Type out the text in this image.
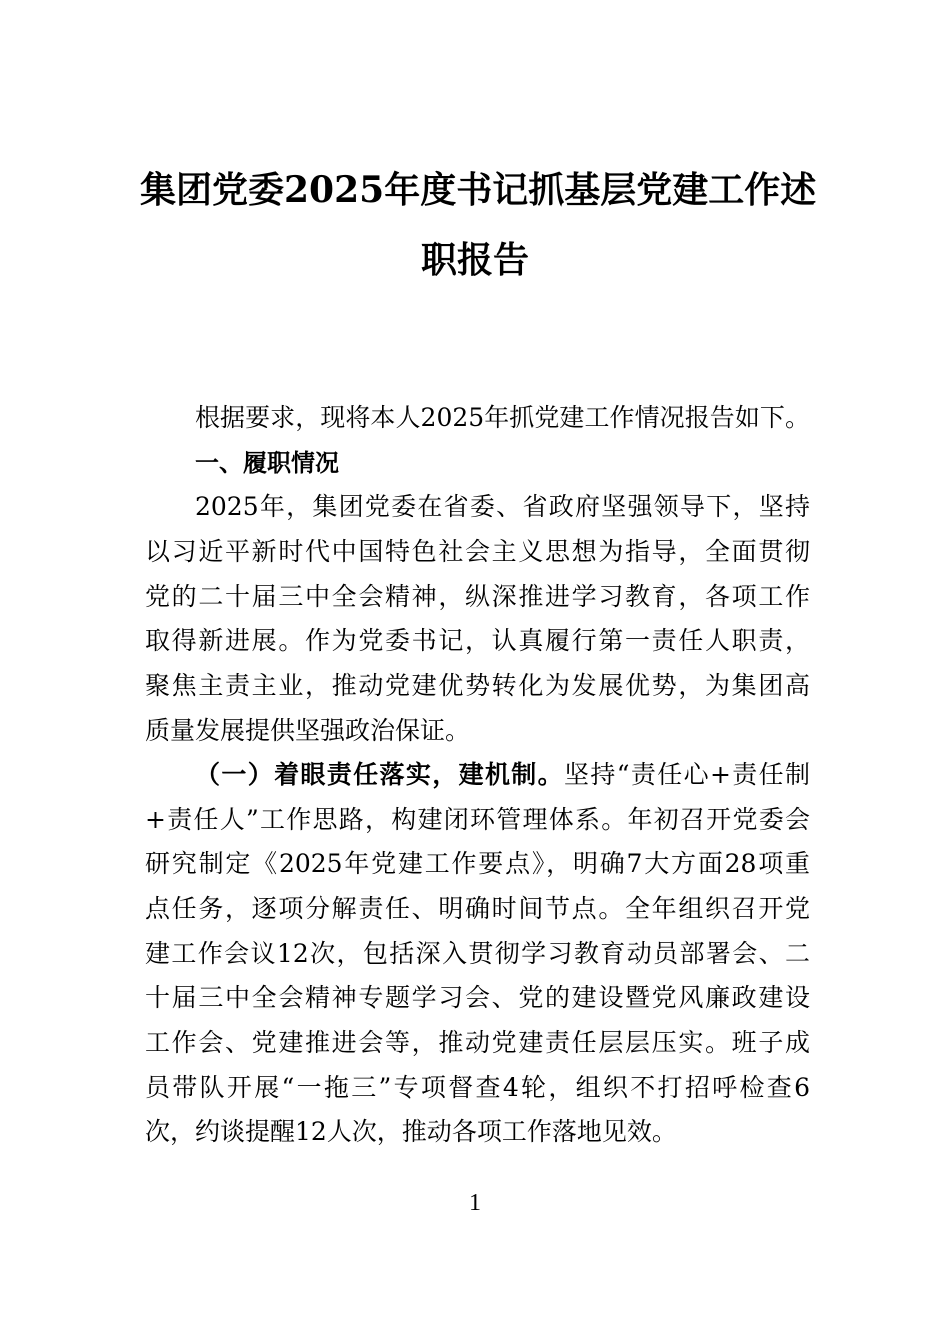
集团党委2025年度书记抓基层党建工作述
职报告
根据要求，现将本人2025年抓党建工作情况报告如下。
一、履职情况
2025年，集团党委在省委、省政府坚强领导下，坚持
以习近平新时代中国特色社会主义思想为指导，全面贯彻
党的二十届三中全会精神，纵深推进学习教育，各项工作
取得新进展。作为党委书记，认真履行第一责任人职责，
聚焦主责主业，推动党建优势转化为发展优势，为集团高
质量发展提供坚强政治保证。
（一）着眼责任落实，建机制。坚持“责任心+责任制
+责任人”工作思路，构建闭环管理体系。年初召开党委会
研究制定《2025年党建工作要点》，明确7大方面28项重
点任务，逐项分解责任、明确时间节点。全年组织召开党
建工作会议12次，包括深入贯彻学习教育动员部署会、二
十届三中全会精神专题学习会、党的建设暨党风廉政建设
工作会、党建推进会等，推动党建责任层层压实。班子成
员带队开展“一拖三”专项督查4轮，组织不打招呼检查6
次，约谈提醒12人次，推动各项工作落地见效。
1
